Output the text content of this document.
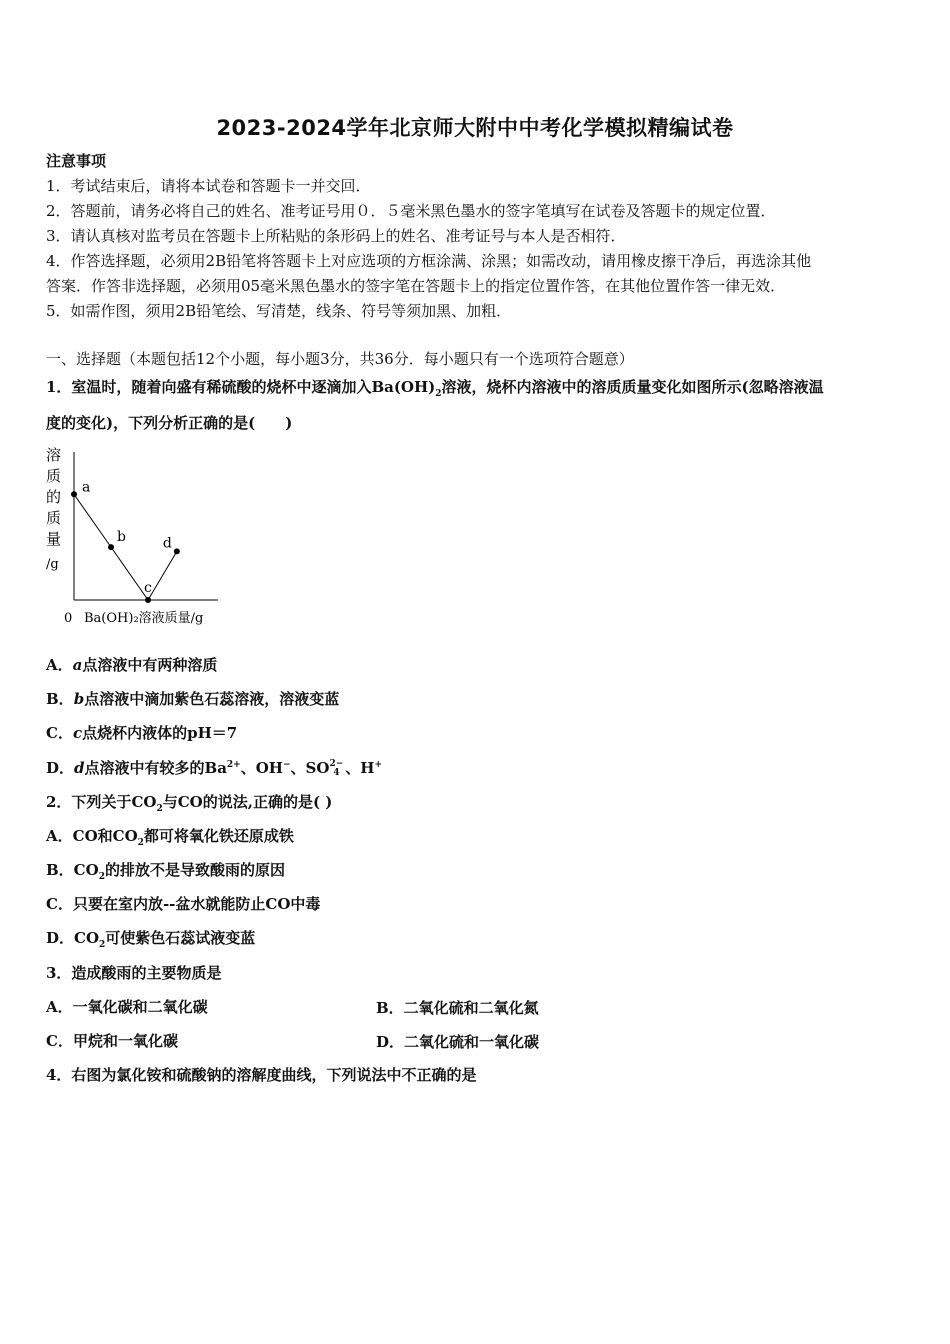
2023-2024学年北京师大附中中考化学模拟精编试卷
注意事项
1．考试结束后，请将本试卷和答题卡一并交回．
2．答题前，请务必将自己的姓名、准考证号用０．５毫米黑色墨水的签字笔填写在试卷及答题卡的规定位置．
3．请认真核对监考员在答题卡上所粘贴的条形码上的姓名、准考证号与本人是否相符．
4．作答选择题，必须用2B铅笔将答题卡上对应选项的方框涂满、涂黑；如需改动，请用橡皮擦干净后，再选涂其他
答案．作答非选择题，必须用05毫米黑色墨水的签字笔在答题卡上的指定位置作答，在其他位置作答一律无效．
5．如需作图，须用2B铅笔绘、写清楚，线条、符号等须加黑、加粗．
一、选择题（本题包括12个小题，每小题3分，共36分．每小题只有一个选项符合题意）
1．室温时，随着向盛有稀硫酸的烧杯中逐滴加入$Ba(OH)_2$溶液，烧杯内溶液中的溶质质量变化如图所示(忽略溶液温
度的变化)，下列分析正确的是(　　)
溶
质
的
质
量
/g
0 Ba(OH)₂溶液质量/g
a
b
c
d
A．a点溶液中有两种溶质
B．b点溶液中滴加紫色石蕊溶液，溶液变蓝
C．c点烧杯内液体的pH＝7
D．d点溶液中有较多的$Ba^{2+}$、OH−、SO2−
4 、H+
2．下列关于$CO_2$与CO的说法,正确的是( )
A．CO和$CO_2$都可将氧化铁还原成铁
B．$CO_2$的排放不是导致酸雨的原因
C．只要在室内放--盆水就能防止CO中毒
D．$CO_2$可使紫色石蕊试液变蓝
3．造成酸雨的主要物质是
A．一氧化碳和二氧化碳	B．二氧化硫和二氧化氮
C．甲烷和一氧化碳	D．二氧化硫和一氧化碳
4．右图为氯化铵和硫酸钠的溶解度曲线，下列说法中不正确的是
